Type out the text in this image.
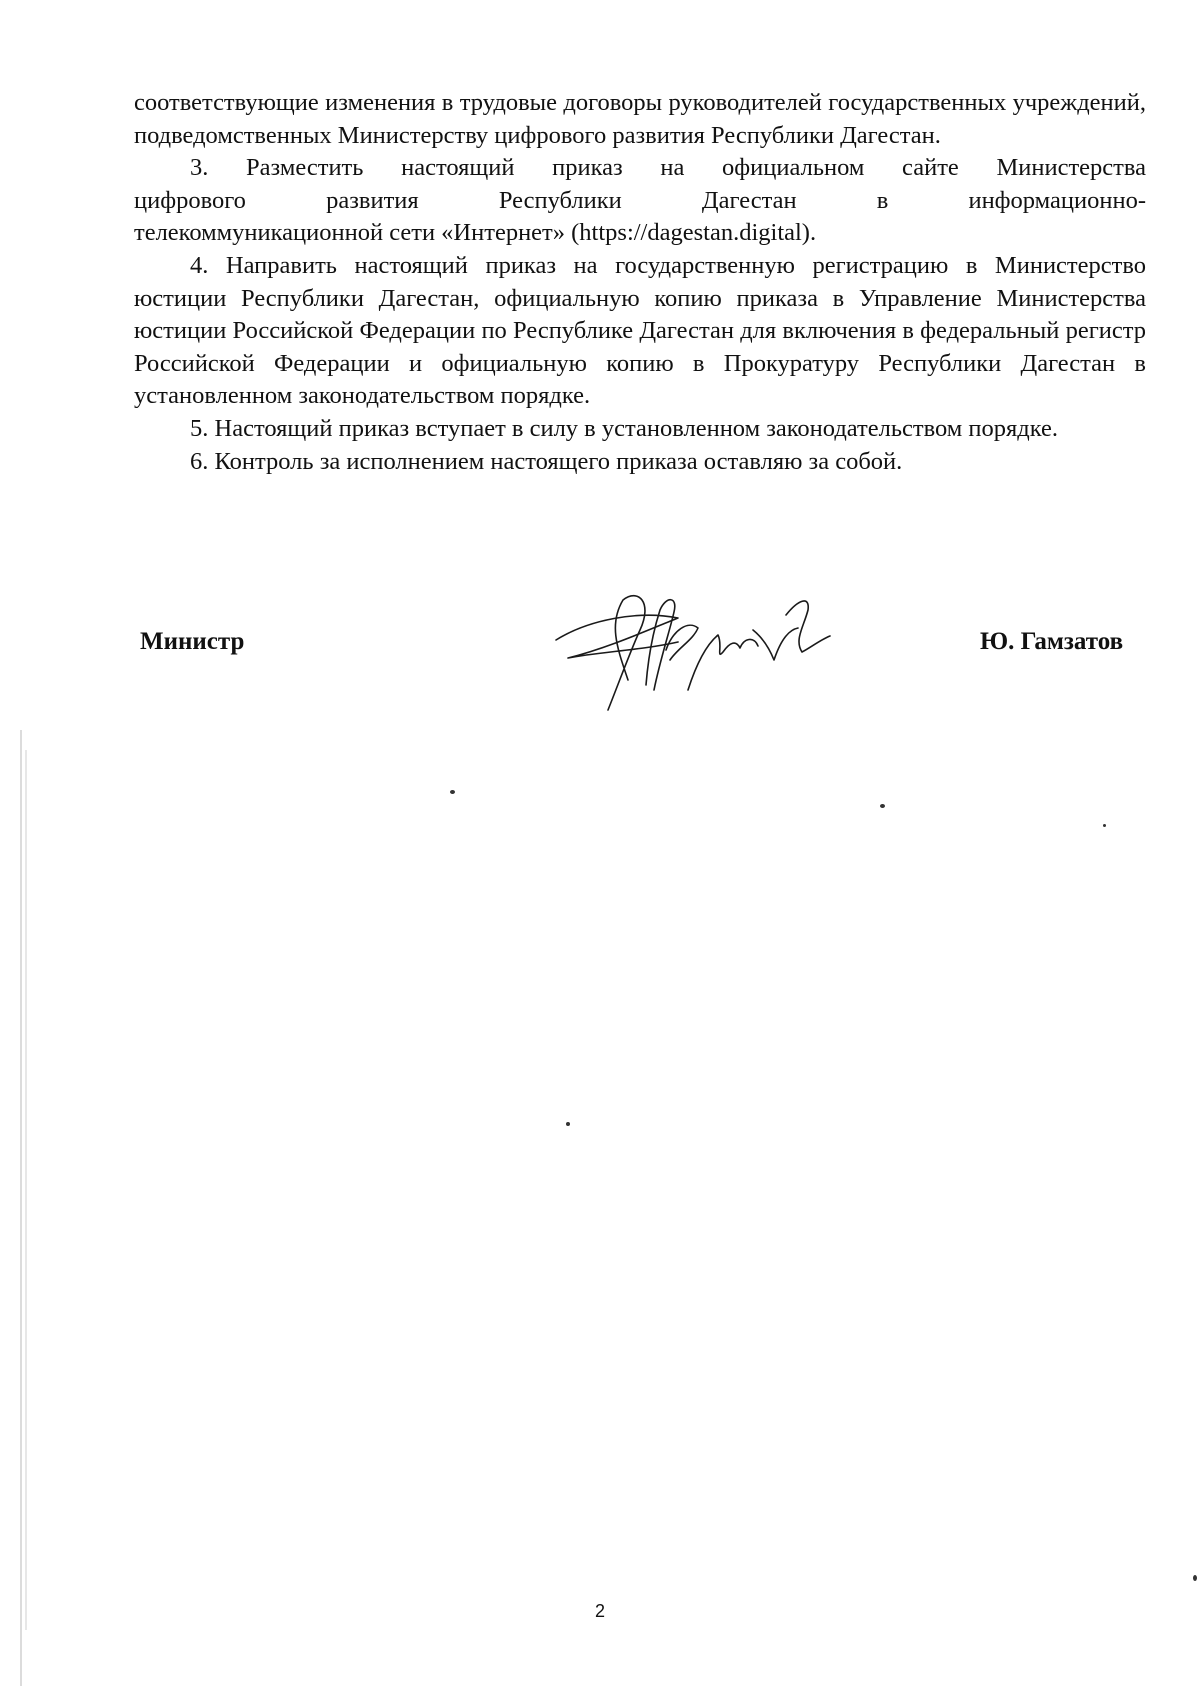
соответствующие изменения в трудовые договоры руководителей государственных учреждений, подведомственных Министерству цифрового развития Республики Дагестан.

3. Разместить настоящий приказ на официальном сайте Министерства

цифрового развития Республики Дагестан в информационно-

телекоммуникационной сети «Интернет» (https://dagestan.digital).

4. Направить настоящий приказ на государственную регистрацию в Министерство юстиции Республики Дагестан, официальную копию приказа в Управление Министерства юстиции Российской Федерации по Республике Дагестан для включения в федеральный регистр Российской Федерации и официальную копию в Прокуратуру Республики Дагестан в установленном законодательством порядке.

5. Настоящий приказ вступает в силу в установленном законодательством порядке.

6. Контроль за исполнением настоящего приказа оставляю за собой.

Министр	Ю. Гамзатов
2
